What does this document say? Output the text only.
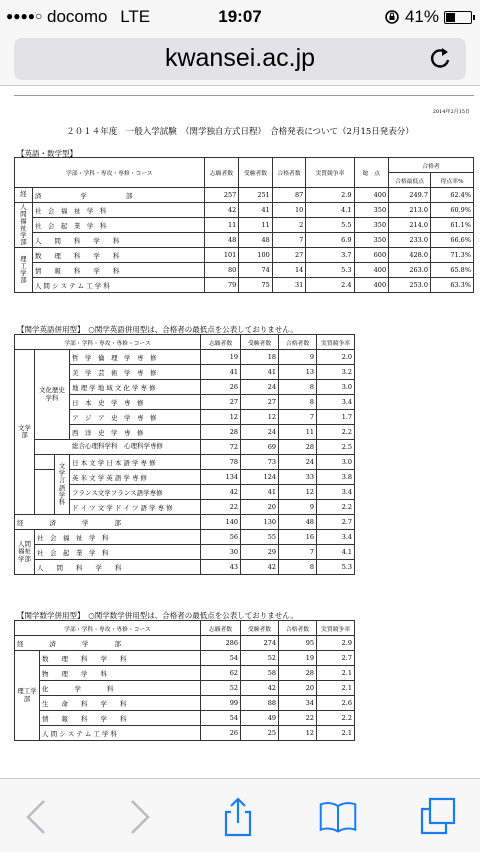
●●●●○ docomo LTE	19:07	41%
kwansei.ac.jp
2014年2月15日
２０１４年度　一般入学試験　（関学独自方式日程）　合格発表について（2月15日発表分）
【英語・数学型】
学部・学科・専攻・専修・コース		志願者数	受験者数	合格者数	実質競争率	総　点	合格者	
							合格最低点	得点率%
経	済　　　　　　学　　　　　　部	257	251	87	2.9	400	249.7	62.4%
人間福祉学部	社　会　福　祉　学　科	42	41	10	4.1	350	213.0	60.9%
	社　会　起　業　学　科	11	11	2	5.5	350	214.0	61.1%
	人　　間　　科　　学　　科	48	48	7	6.9	350	233.0	66.6%
理工学部	数　　理　　科　　学　　科	101	100	27	3.7	600	428.0	71.3%
	情　　報　　科　　学　　科	80	74	14	5.3	400	263.0	65.8%
	人 間 シ ス テ ム 工 学 科	79	75	31	2.4	400	253.0	63.3%
【関学英語併用型】　○関学英語併用型は、合格者の最低点を公表しておりません。
学部・学科・専攻・専修・コース				志願者数	受験者数	合格者数	実質競争率
文学部	文化歴史学科		哲　学　倫　理　学　専　修	19	18	9	2.0
			美　学　芸　術　学　専　修	41	41	13	3.2
			地 理 学 地 域 文 化 学 専 修	26	24	8	3.0
			日　本　史　学　専　修	27	27	8	3.4
			ア　ジ　ア　史　学　専　修	12	12	7	1.7
			西　洋　史　学　専　修	28	24	11	2.2
	総合心理科学科　心理科学専修			72	69	28	2.5
		文学言語学科	日 本 文 学 日 本 語 学 専 修	78	73	24	3.0
			英 米 文 学 英 語 学 専 修	134	124	33	3.8
			フランス文学フランス語学専修	42	41	12	3.4
			ド イ ツ 文 学 ド イ ツ 語 学 専 修	22	20	9	2.2
経　　　　済　　　　学　　　　部				140	130	48	2.7
人間福祉学部	社　会　福　祉　学　科			56	55	16	3.4
	社　会　起　業　学　科			30	29	7	4.1
	人　　間　　科　　学　　科			43	42	8	5.3
【関学数学併用型】　○関学数学併用型は、合格者の最低点を公表しておりません。
学部・学科・専攻・専修・コース		志願者数	受験者数	合格者数	実質競争率
経　　　　済　　　　学　　　　部		286	274	95	2.9
理工学部	数　　理　　科　　学　　科	54	52	19	2.7
	物　　理　　学　　科	62	58	28	2.1
	化　　　　学　　　　科	52	42	20	2.1
	生　　命　　科　　学　　科	99	88	34	2.6
	情　　報　　科　　学　　科	54	49	22	2.2
	人 間 シ ス テ ム 工 学 科	26	25	12	2.1
